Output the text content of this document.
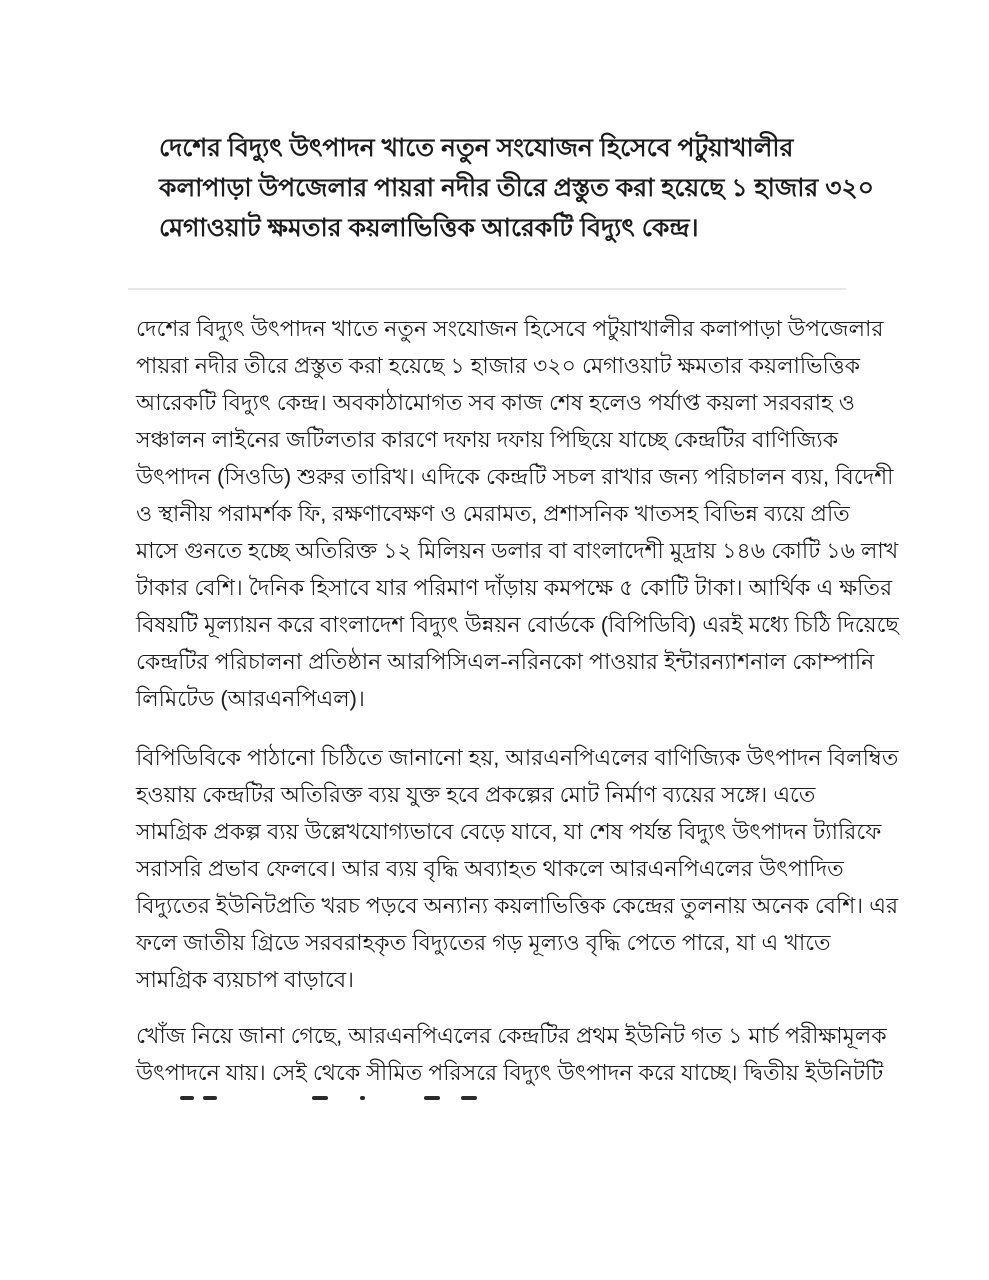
দেশের বিদ্যুৎ উৎপাদন খাতে নতুন সংযোজন হিসেবে পটুয়াখালীর
কলাপাড়া উপজেলার পায়রা নদীর তীরে প্রস্তুত করা হয়েছে ১ হাজার ৩২০
মেগাওয়াট ক্ষমতার কয়লাভিত্তিক আরেকটি বিদ্যুৎ কেন্দ্র।
দেশের বিদ্যুৎ উৎপাদন খাতে নতুন সংযোজন হিসেবে পটুয়াখালীর কলাপাড়া উপজেলার
পায়রা নদীর তীরে প্রস্তুত করা হয়েছে ১ হাজার ৩২০ মেগাওয়াট ক্ষমতার কয়লাভিত্তিক
আরেকটি বিদ্যুৎ কেন্দ্র। অবকাঠামোগত সব কাজ শেষ হলেও পর্যাপ্ত কয়লা সরবরাহ ও
সঞ্চালন লাইনের জটিলতার কারণে দফায় দফায় পিছিয়ে যাচ্ছে কেন্দ্রটির বাণিজ্যিক
উৎপাদন (সিওডি) শুরুর তারিখ। এদিকে কেন্দ্রটি সচল রাখার জন্য পরিচালন ব্যয়, বিদেশী
ও স্থানীয় পরামর্শক ফি, রক্ষণাবেক্ষণ ও মেরামত, প্রশাসনিক খাতসহ বিভিন্ন ব্যয়ে প্রতি
মাসে গুনতে হচ্ছে অতিরিক্ত ১২ মিলিয়ন ডলার বা বাংলাদেশী মুদ্রায় ১৪৬ কোটি ১৬ লাখ
টাকার বেশি। দৈনিক হিসাবে যার পরিমাণ দাঁড়ায় কমপক্ষে ৫ কোটি টাকা। আর্থিক এ ক্ষতির
বিষয়টি মূল্যায়ন করে বাংলাদেশ বিদ্যুৎ উন্নয়ন বোর্ডকে (বিপিডিবি) এরই মধ্যে চিঠি দিয়েছে
কেন্দ্রটির পরিচালনা প্রতিষ্ঠান আরপিসিএল-নরিনকো পাওয়ার ইন্টারন্যাশনাল কোম্পানি
লিমিটেড (আরএনপিএল)।
বিপিডিবিকে পাঠানো চিঠিতে জানানো হয়, আরএনপিএলের বাণিজ্যিক উৎপাদন বিলম্বিত
হওয়ায় কেন্দ্রটির অতিরিক্ত ব্যয় যুক্ত হবে প্রকল্পের মোট নির্মাণ ব্যয়ের সঙ্গে। এতে
সামগ্রিক প্রকল্প ব্যয় উল্লেখযোগ্যভাবে বেড়ে যাবে, যা শেষ পর্যন্ত বিদ্যুৎ উৎপাদন ট্যারিফে
সরাসরি প্রভাব ফেলবে। আর ব্যয় বৃদ্ধি অব্যাহত থাকলে আরএনপিএলের উৎপাদিত
বিদ্যুতের ইউনিটপ্রতি খরচ পড়বে অন্যান্য কয়লাভিত্তিক কেন্দ্রের তুলনায় অনেক বেশি। এর
ফলে জাতীয় গ্রিডে সরবরাহকৃত বিদ্যুতের গড় মূল্যও বৃদ্ধি পেতে পারে, যা এ খাতে
সামগ্রিক ব্যয়চাপ বাড়াবে।
খোঁজ নিয়ে জানা গেছে, আরএনপিএলের কেন্দ্রটির প্রথম ইউনিট গত ১ মার্চ পরীক্ষামূলক
উৎপাদনে যায়। সেই থেকে সীমিত পরিসরে বিদ্যুৎ উৎপাদন করে যাচ্ছে। দ্বিতীয় ইউনিটটি
